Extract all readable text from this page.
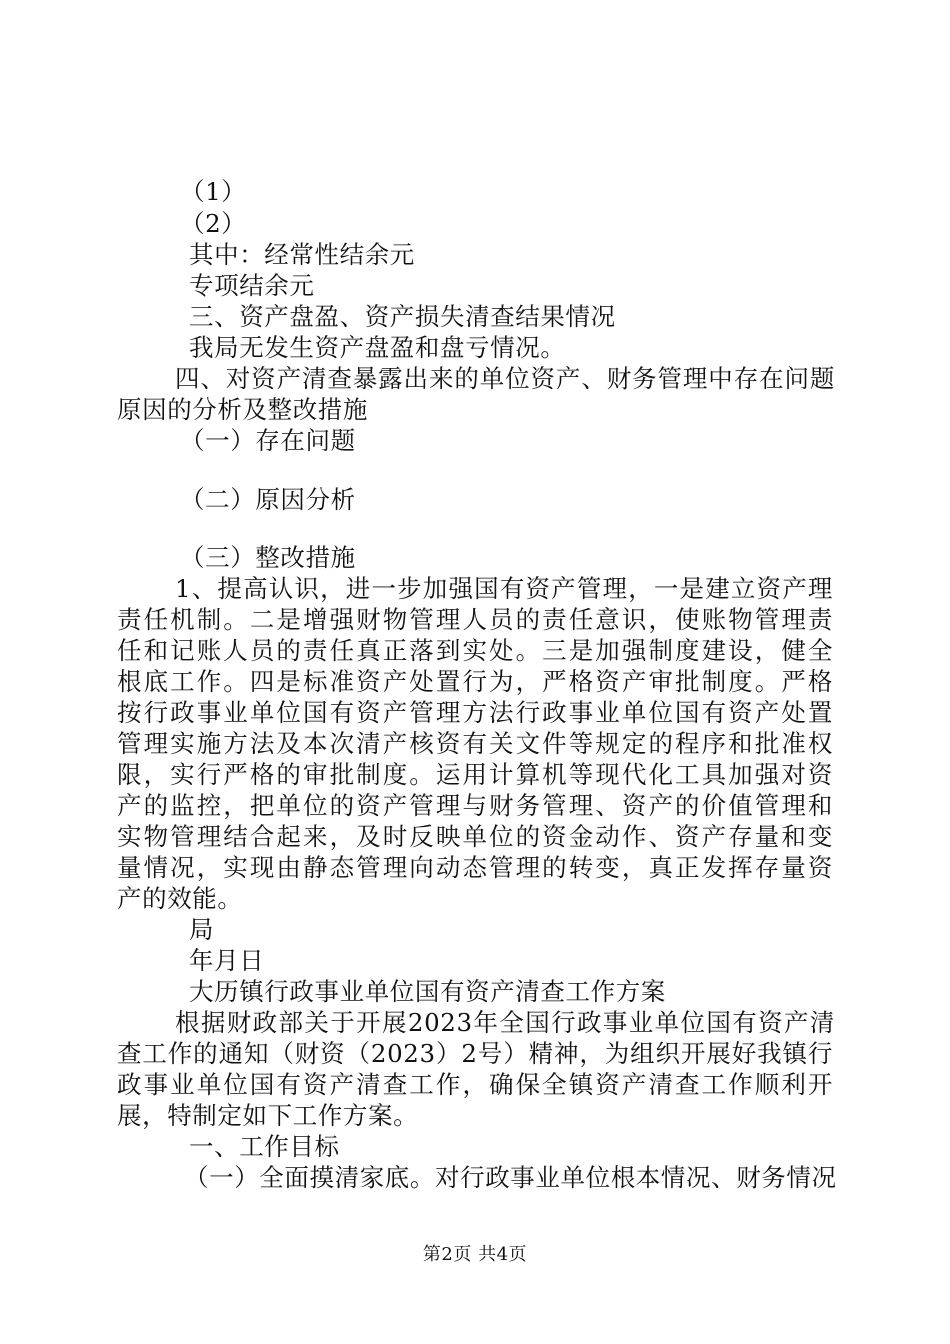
（1）
（2）
其中：经常性结余元
专项结余元
三、资产盘盈、资产损失清查结果情况
我局无发生资产盘盈和盘亏情况。
四、对资产清查暴露出来的单位资产、财务管理中存在问题
原因的分析及整改措施
（一）存在问题
（二）原因分析
（三）整改措施
1、提高认识，进一步加强国有资产管理，一是建立资产理
责任机制。二是增强财物管理人员的责任意识，使账物管理责
任和记账人员的责任真正落到实处。三是加强制度建设，健全
根底工作。四是标准资产处置行为，严格资产审批制度。严格
按行政事业单位国有资产管理方法行政事业单位国有资产处置
管理实施方法及本次清产核资有关文件等规定的程序和批准权
限，实行严格的审批制度。运用计算机等现代化工具加强对资
产的监控，把单位的资产管理与财务管理、资产的价值管理和
实物管理结合起来，及时反映单位的资金动作、资产存量和变
量情况，实现由静态管理向动态管理的转变，真正发挥存量资
产的效能。
局
年月日
大历镇行政事业单位国有资产清查工作方案
根据财政部关于开展2023年全国行政事业单位国有资产清
查工作的通知（财资（2023）2号）精神，为组织开展好我镇行
政事业单位国有资产清查工作，确保全镇资产清查工作顺利开
展，特制定如下工作方案。
一、工作目标
（一）全面摸清家底。对行政事业单位根本情况、财务情况
第2页 共4页
